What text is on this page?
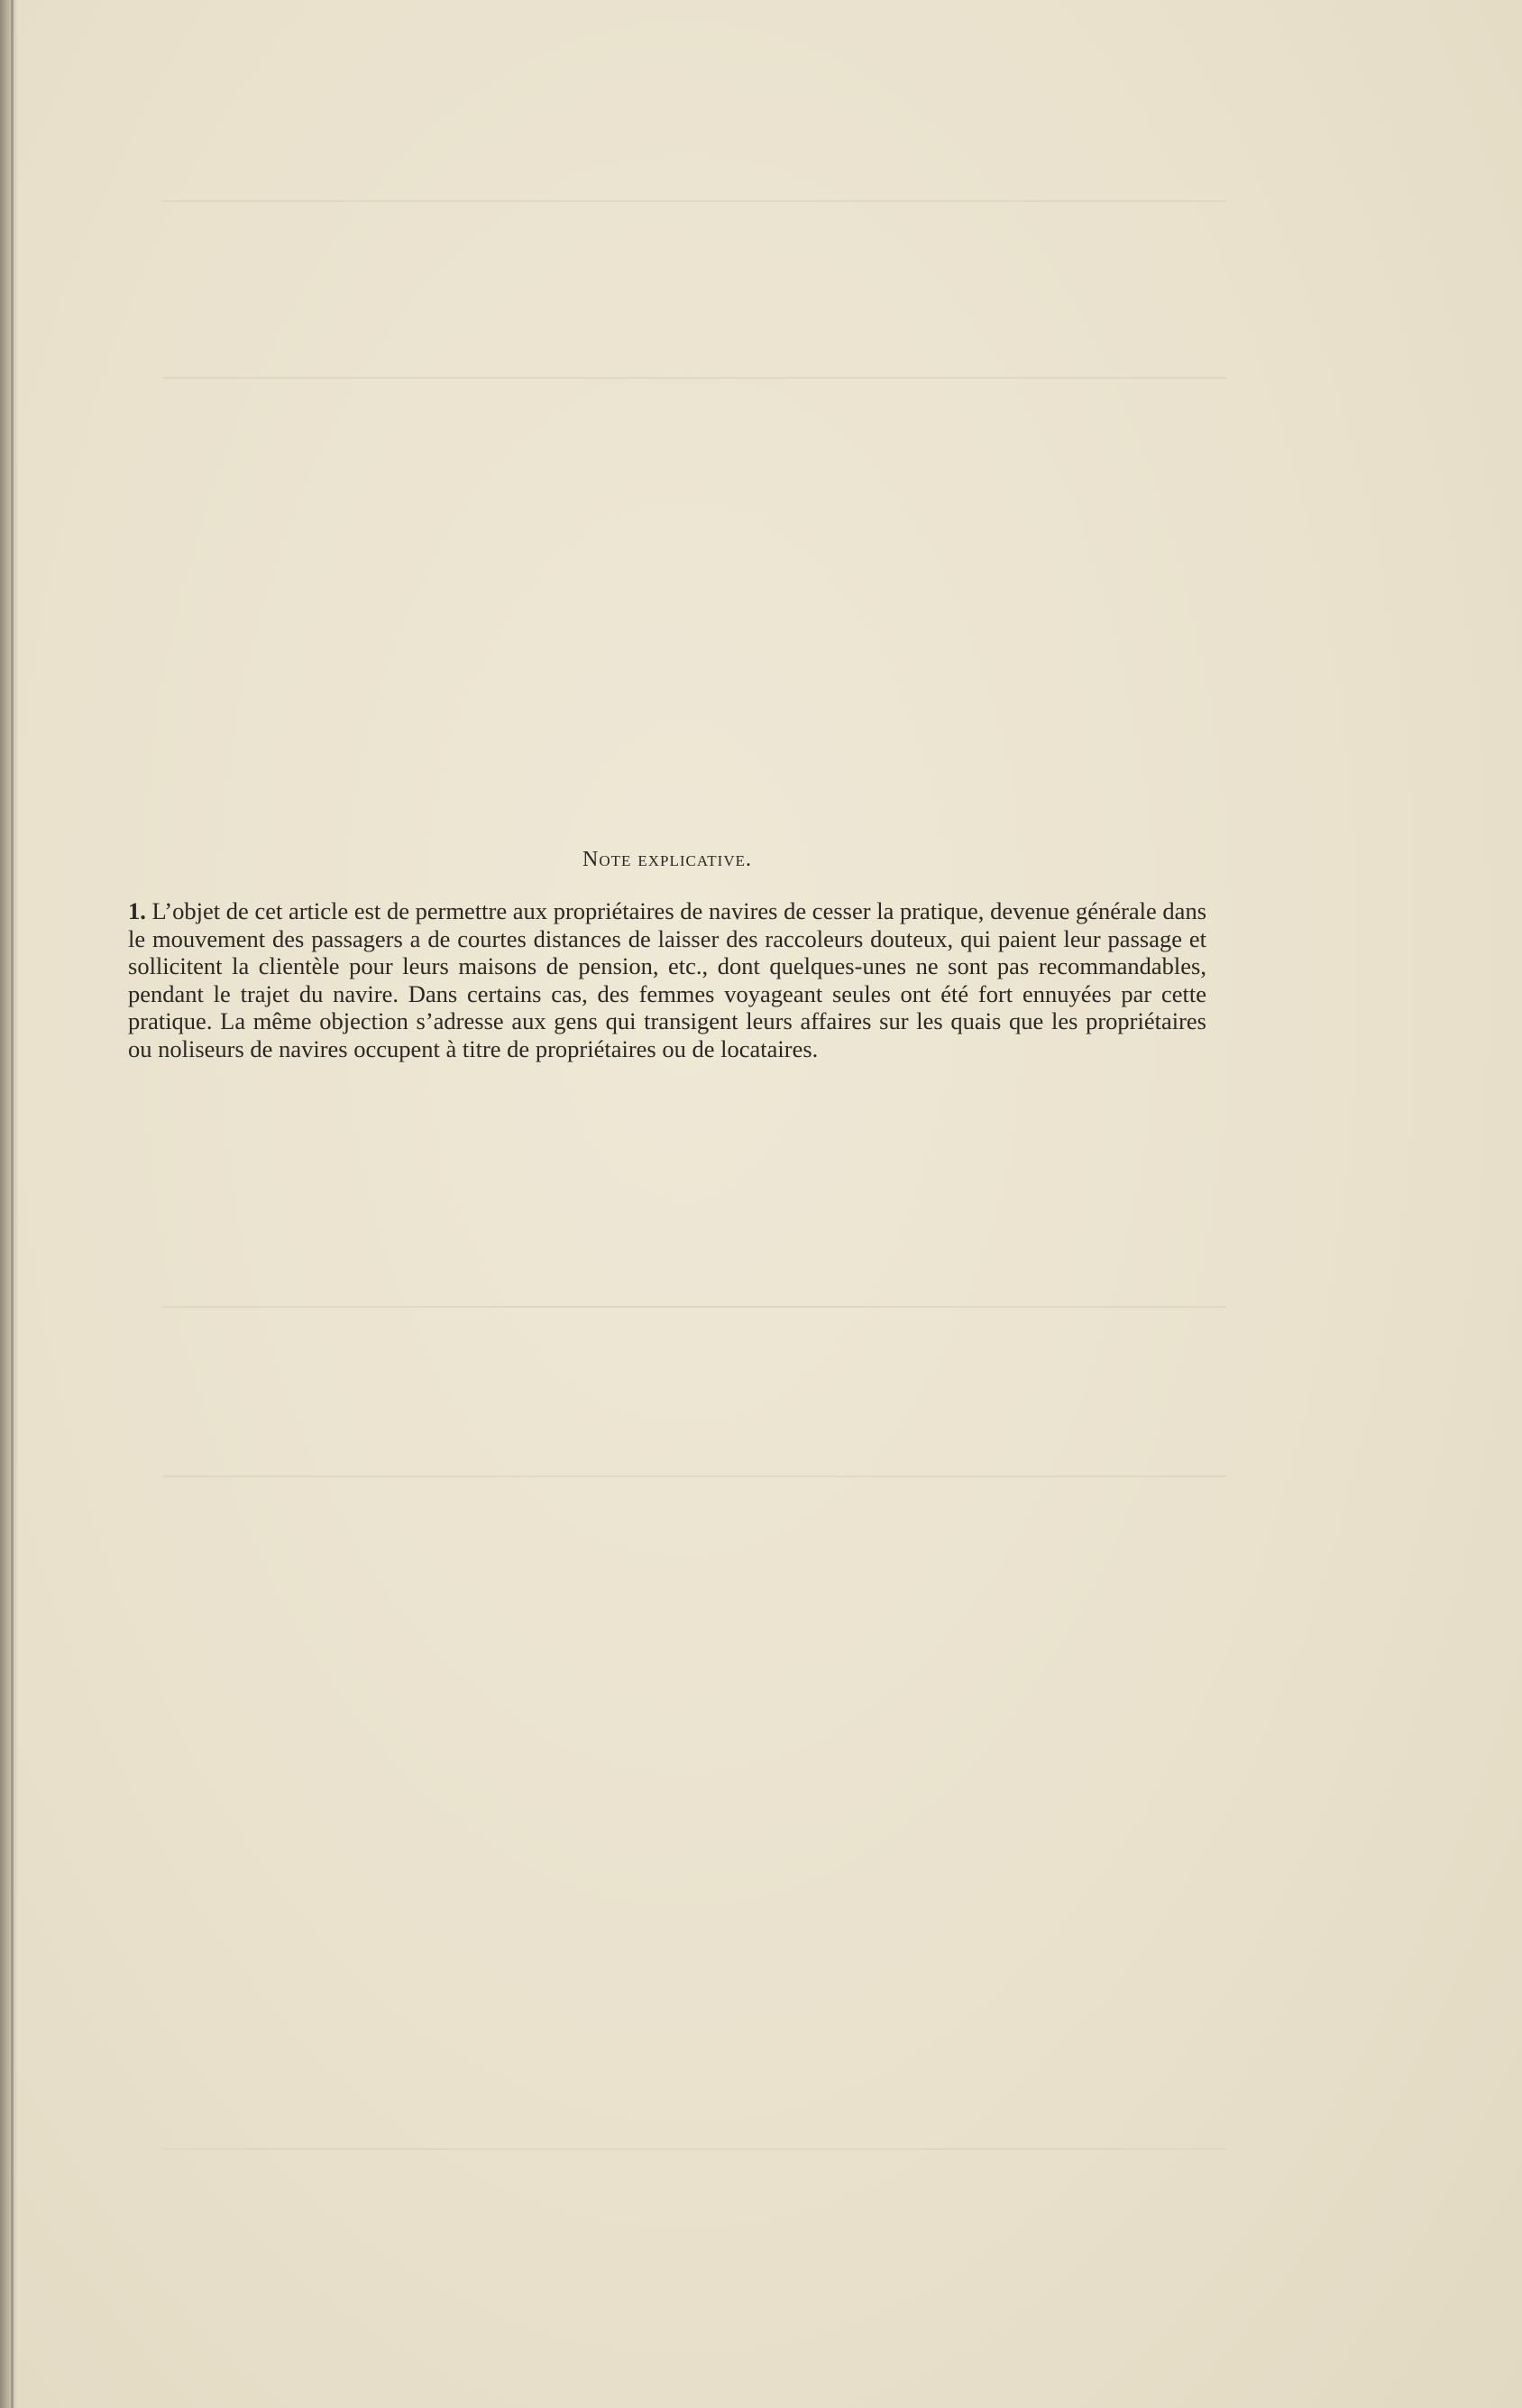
Note explicative.

1. L’objet de cet article est de permettre aux propriétaires de navires de cesser la pratique, devenue générale dans le mouvement des passagers a de courtes distances de laisser des raccoleurs douteux, qui paient leur passage et sollicitent la clientèle pour leurs maisons de pension, etc., dont quelques-unes ne sont pas recommandables, pendant le trajet du navire. Dans certains cas, des femmes voyageant seules ont été fort ennuyées par cette pratique. La même objection s’adresse aux gens qui transigent leurs affaires sur les quais que les propriétaires ou noliseurs de navires occupent à titre de propriétaires ou de locataires.
